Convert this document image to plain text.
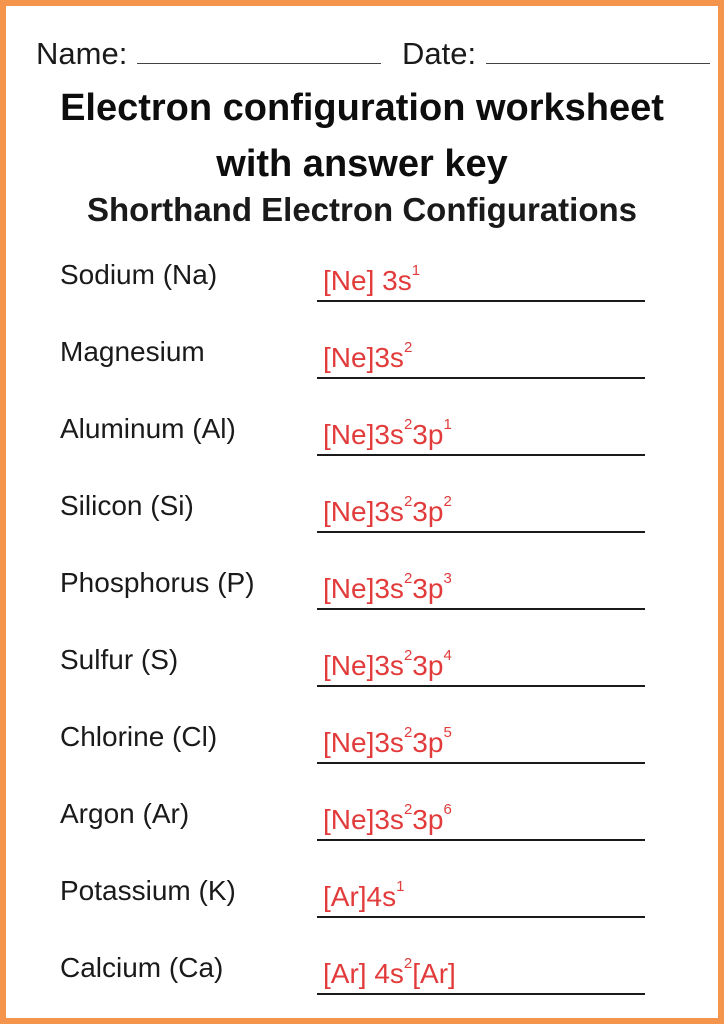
Name:	Date:
Electron configuration worksheet with answer key
Shorthand Electron Configurations
Sodium (Na)	[Ne] $3s^1$
Magnesium	$[Ne]3s^2$
Aluminum (Al)	$[Ne]3s^23p^1$
Silicon (Si)	$[Ne]3s^23p^2$
Phosphorus (P) $[Ne]3s^23p^3$
Sulfur (S)	$[Ne]3s^23p^4$
Chlorine (Cl)	$[Ne]3s^23p^5$
Argon (Ar)	$[Ne]3s^23p^6$
Potassium (K)	$[Ar]4s^1$
Calcium (Ca)	[Ar] $4s^2[Ar]$
